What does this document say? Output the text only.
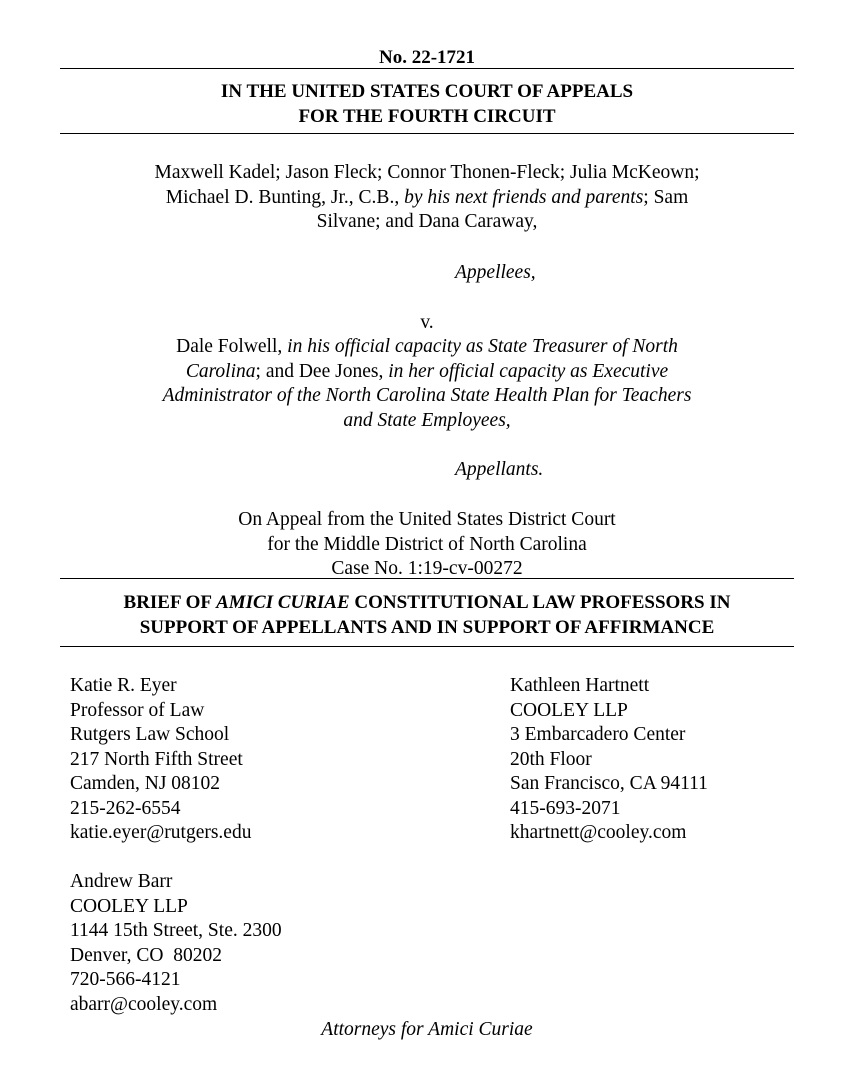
No. 22-1721
IN THE UNITED STATES COURT OF APPEALS
FOR THE FOURTH CIRCUIT
Maxwell Kadel; Jason Fleck; Connor Thonen-Fleck; Julia McKeown;
Michael D. Bunting, Jr., C.B., by his next friends and parents; Sam
Silvane; and Dana Caraway,
Appellees,
v.
Dale Folwell, in his official capacity as State Treasurer of North
Carolina; and Dee Jones, in her official capacity as Executive
Administrator of the North Carolina State Health Plan for Teachers
and State Employees,
Appellants.
On Appeal from the United States District Court
for the Middle District of North Carolina
Case No. 1:19-cv-00272
BRIEF OF AMICI CURIAE CONSTITUTIONAL LAW PROFESSORS IN
SUPPORT OF APPELLANTS AND IN SUPPORT OF AFFIRMANCE
Katie R. Eyer
Professor of Law
Rutgers Law School
217 North Fifth Street
Camden, NJ 08102
215-262-6554
katie.eyer@rutgers.edu
Kathleen Hartnett
COOLEY LLP
3 Embarcadero Center
20th Floor
San Francisco, CA 94111
415-693-2071
khartnett@cooley.com
Andrew Barr
COOLEY LLP
1144 15th Street, Ste. 2300
Denver, CO  80202
720-566-4121
abarr@cooley.com
Attorneys for Amici Curiae
